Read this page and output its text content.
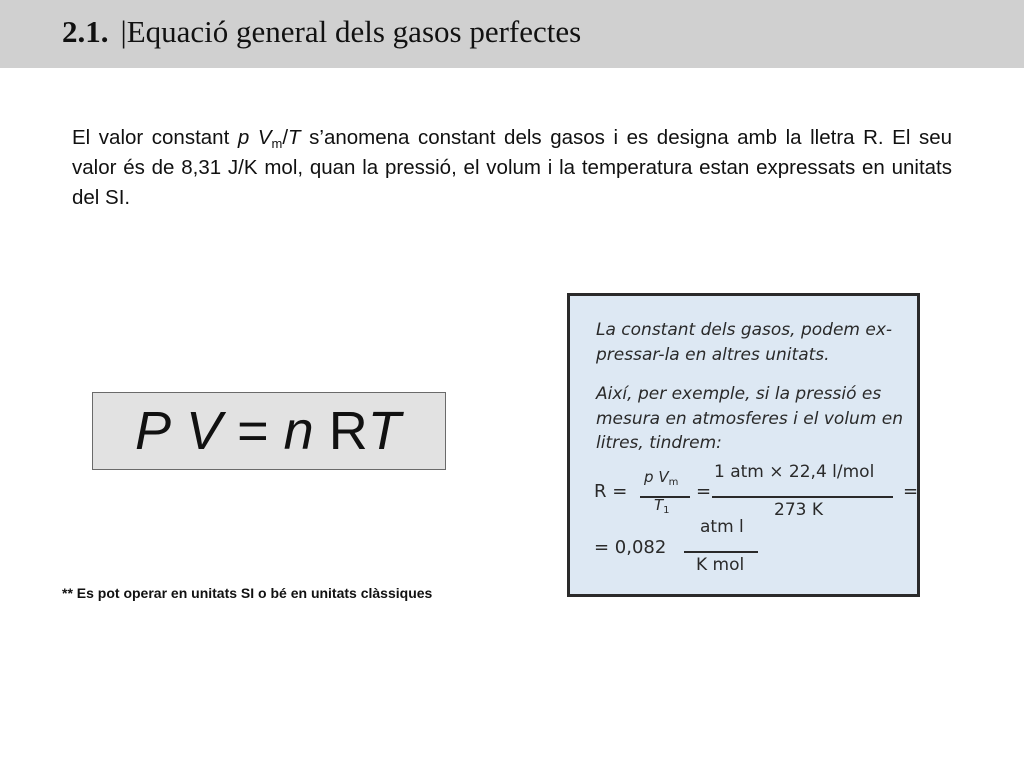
2.1. |Equació general dels gasos perfectes
El valor constant p $V_m/T$ s’anomena constant dels gasos i es designa amb la lletra R. El seu valor és de 8,31 J/K mol, quan la pressió, el volum i la temperatura estan expressats en unitats del SI.
P V = n RT
La constant dels gasos, podem ex-pressar-la en altres unitats.
Així, per exemple, si la pressió es mesura en atmosferes i el volum en litres, tindrem:
R =
p $V_m$
$T_1$
=
1 atm × 22,4 l/mol
273 K
=
= 0,082
atm l
K mol
** Es pot operar en unitats SI o bé en unitats clàssiques
